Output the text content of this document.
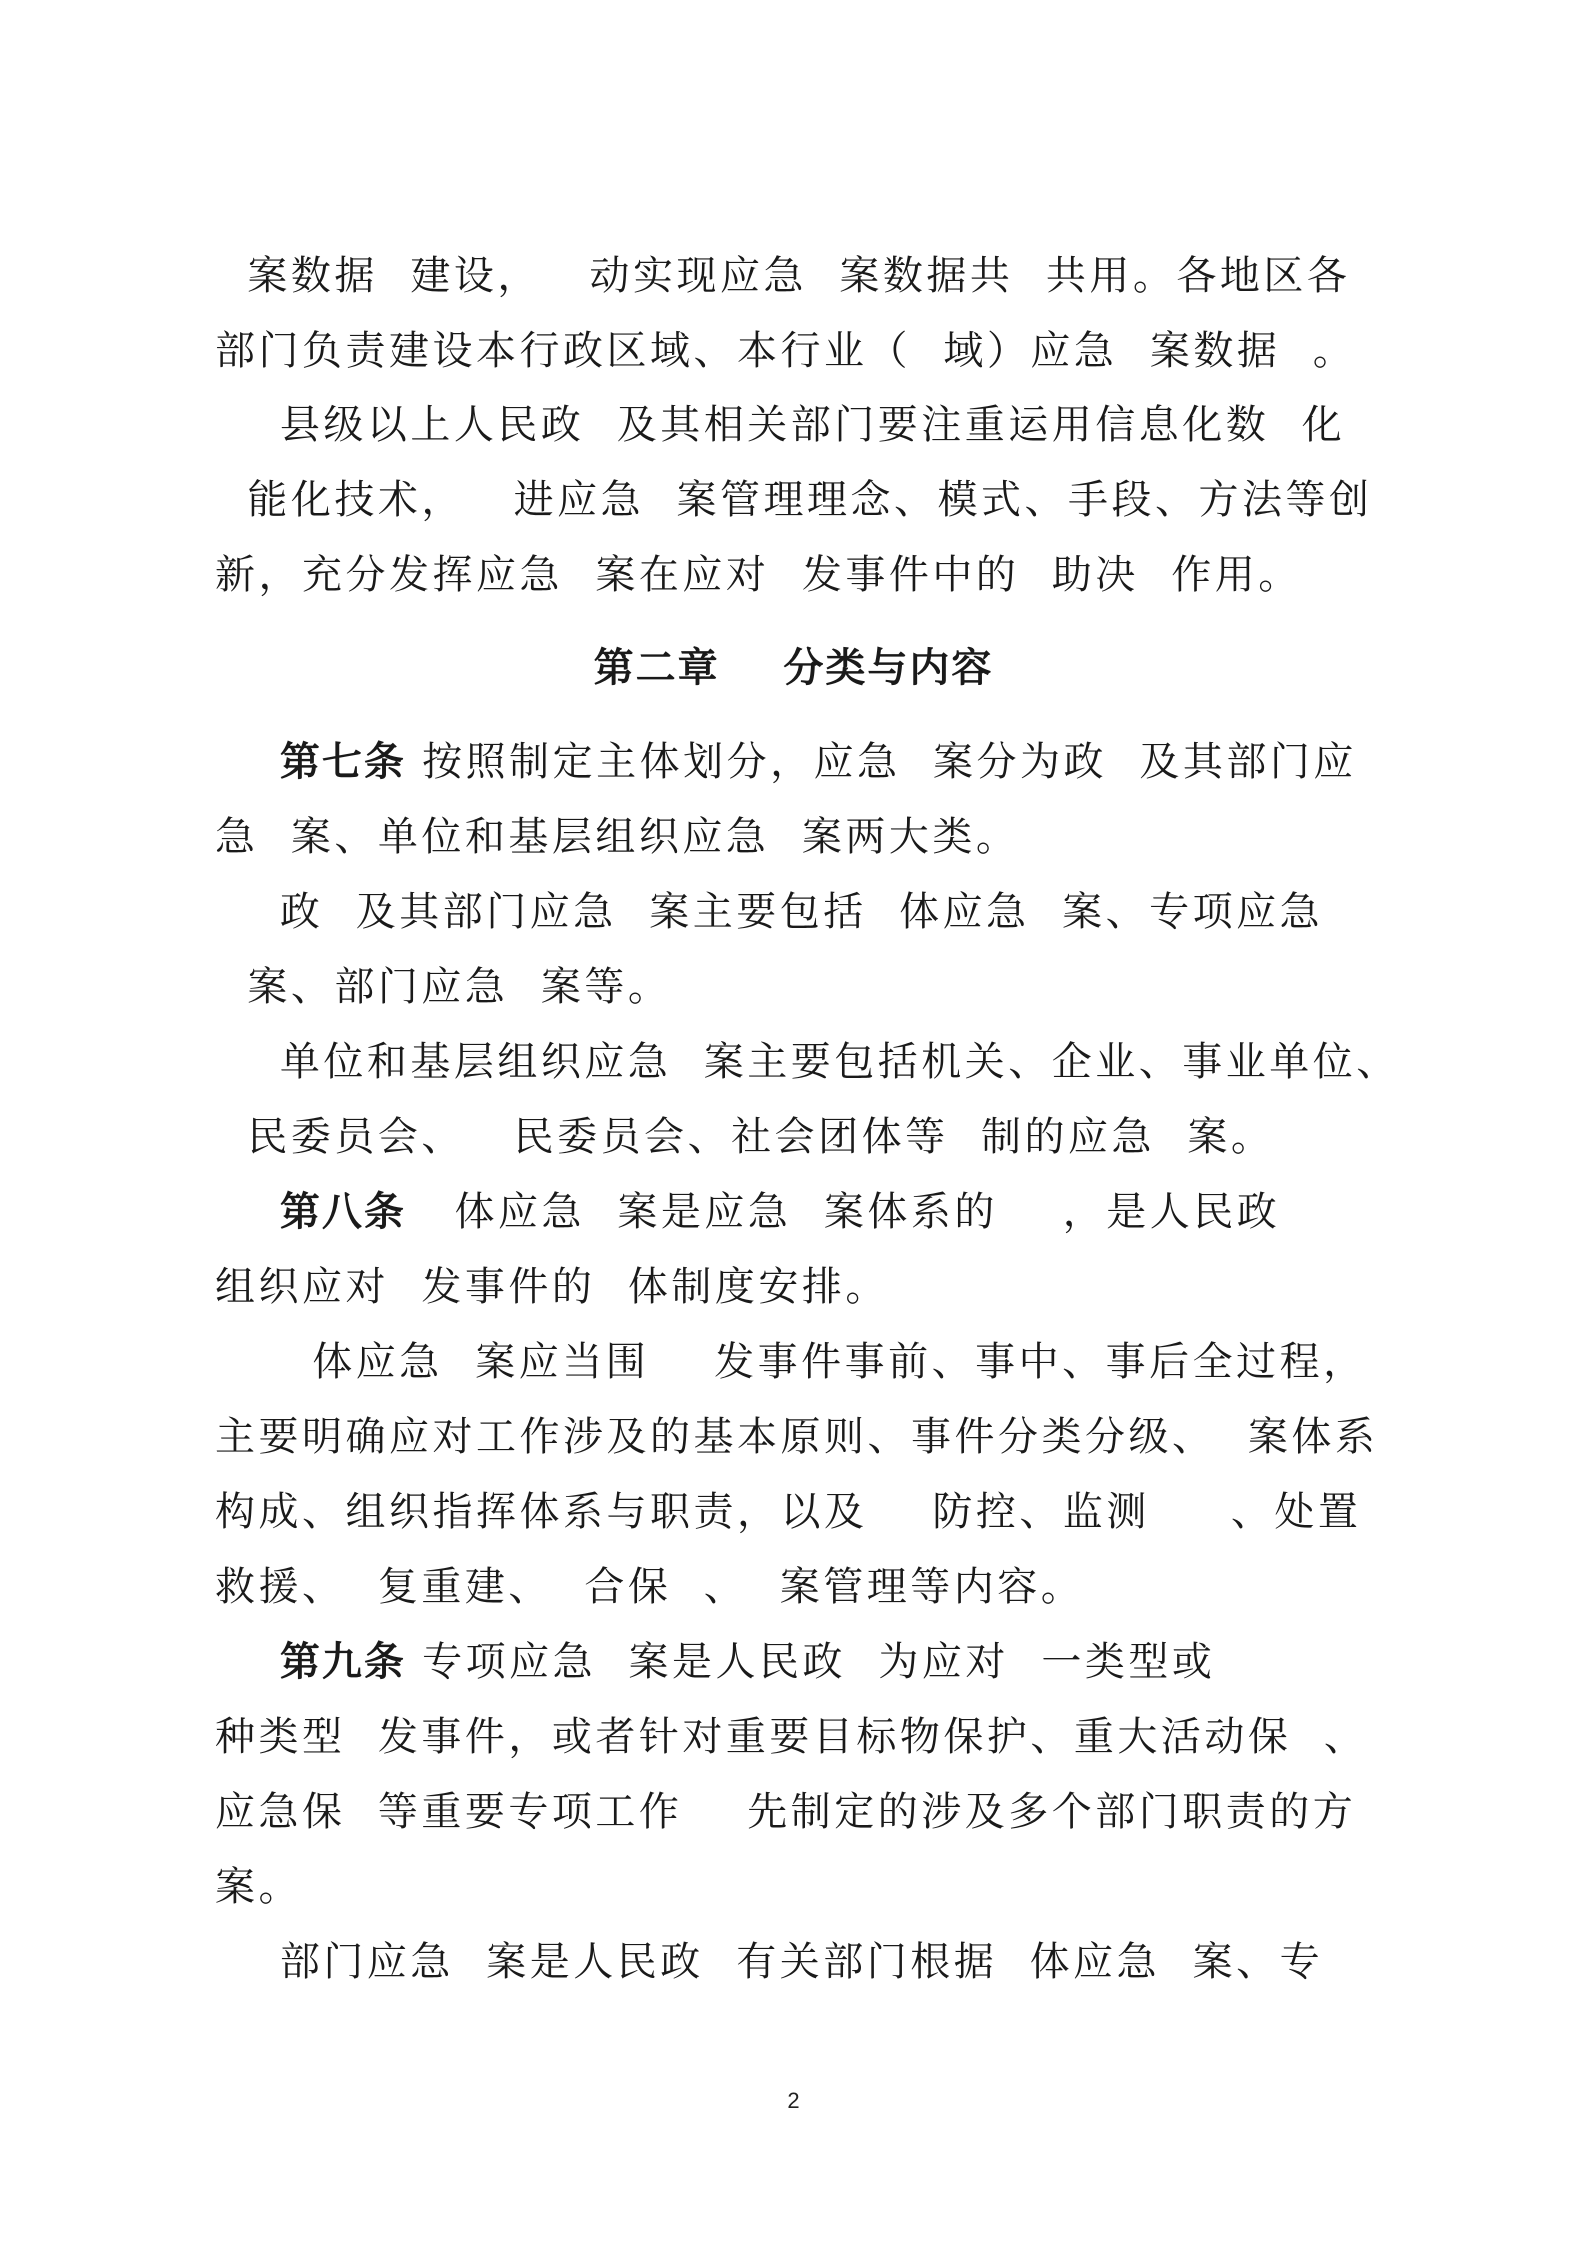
案数据  建设，   动实现应急  案数据共  共用。各地区各
部门负责建设本行政区域、本行业（  域）应急  案数据  。
县级以上人民政  及其相关部门要注重运用信息化数  化
能化技术，   进应急  案管理理念、模式、手段、方法等创
新，充分发挥应急  案在应对  发事件中的  助决  作用。
第二章    分类与内容
第七条 按照制定主体划分，应急  案分为政  及其部门应
急  案、单位和基层组织应急  案两大类。
政  及其部门应急  案主要包括  体应急  案、专项应急
案、部门应急  案等。
单位和基层组织应急  案主要包括机关、企业、事业单位、
民委员会、   民委员会、社会团体等  制的应急  案。
第八条   体应急  案是应急  案体系的    ，是人民政
组织应对  发事件的  体制度安排。
体应急  案应当围    发事件事前、事中、事后全过程，
主要明确应对工作涉及的基本原则、事件分类分级、  案体系
构成、组织指挥体系与职责，以及    防控、监测     、处置
救援、  复重建、  合保  、  案管理等内容。
第九条 专项应急  案是人民政  为应对  一类型或
种类型  发事件，或者针对重要目标物保护、重大活动保  、
应急保  等重要专项工作    先制定的涉及多个部门职责的方
案。
部门应急  案是人民政  有关部门根据  体应急  案、专
2
